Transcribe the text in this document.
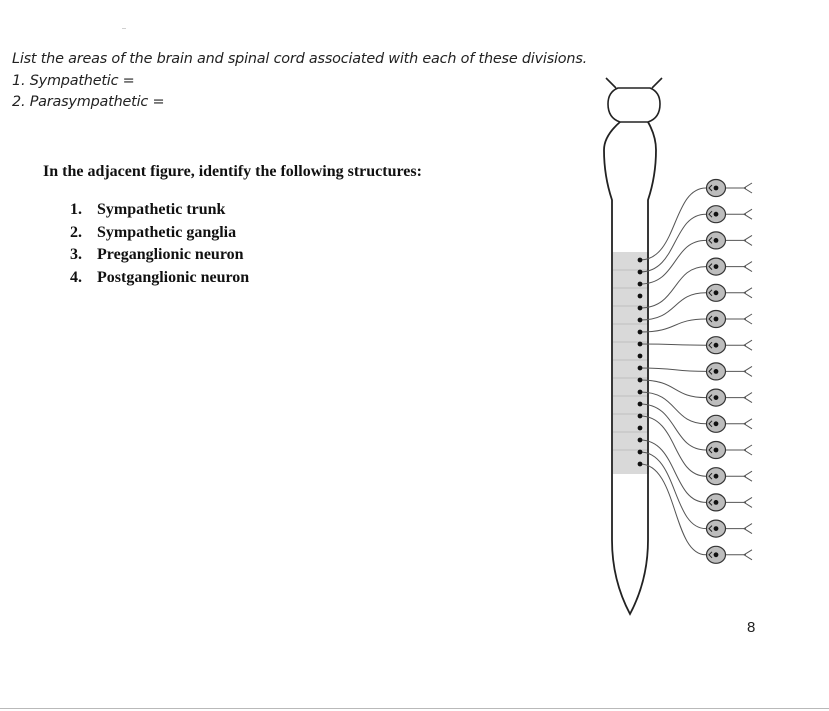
List the areas of the brain and spinal cord associated with each of these divisions.
1. Sympathetic =
2. Parasympathetic =
In the adjacent figure, identify the following structures:
1. Sympathetic trunk
2. Sympathetic ganglia
3. Preganglionic neuron
4. Postganglionic neuron
8
